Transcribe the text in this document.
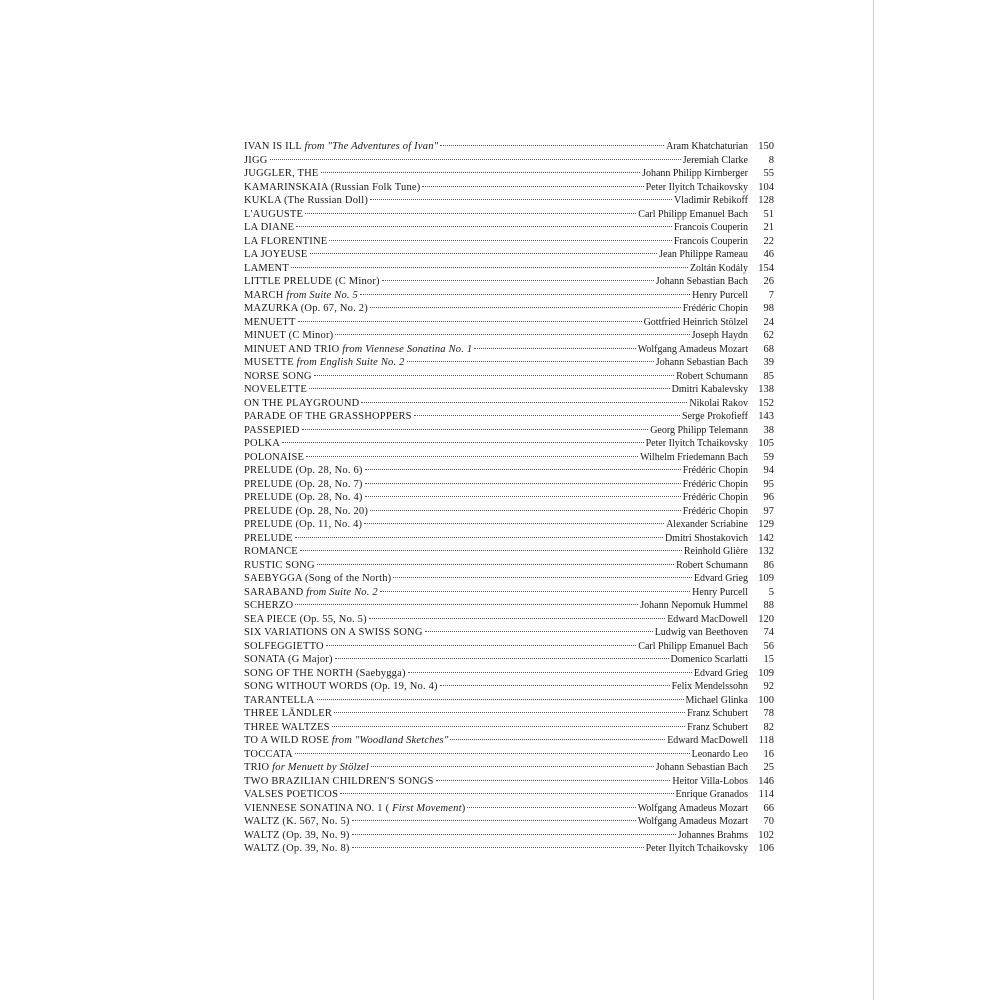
IVAN IS ILL from "The Adventures of Ivan"	Aram Khatchaturian 150
JIGG	Jeremiah Clarke	8
JUGGLER, THE	Johann Philipp Kirnberger	55
KAMARINSKAIA (Russian Folk Tune)	Peter Ilyitch Tchaikovsky 104
KUKLA (The Russian Doll)	Vladimir Rebikoff 128
L'AUGUSTE	Carl Philipp Emanuel Bach	51
LA DIANE	Francois Couperin	21
LA FLORENTINE	Francois Couperin	22
LA JOYEUSE	Jean Philippe Rameau	46
LAMENT	Zoltán Kodály 154
LITTLE PRELUDE (C Minor)	Johann Sebastian Bach	26
MARCH from Suite No. 5	Henry Purcell	7
MAZURKA (Op. 67, No. 2)	Frédéric Chopin	98
MENUETT	Gottfried Heinrich Stölzel	24
MINUET (C Minor)	Joseph Haydn	62
MINUET AND TRIO from Viennese Sonatina No. 1	Wolfgang Amadeus Mozart	68
MUSETTE from English Suite No. 2	Johann Sebastian Bach	39
NORSE SONG	Robert Schumann	85
NOVELETTE	Dmitri Kabalevsky 138
ON THE PLAYGROUND	Nikolai Rakov 152
PARADE OF THE GRASSHOPPERS	Serge Prokofieff 143
PASSEPIED	Georg Philipp Telemann	38
POLKA	Peter Ilyitch Tchaikovsky 105
POLONAISE	Wilhelm Friedemann Bach	59
PRELUDE (Op. 28, No. 6)	Frédéric Chopin	94
PRELUDE (Op. 28, No. 7)	Frédéric Chopin	95
PRELUDE (Op. 28, No. 4)	Frédéric Chopin	96
PRELUDE (Op. 28, No. 20)	Frédéric Chopin	97
PRELUDE (Op. 11, No. 4)	Alexander Scriabine 129
PRELUDE	Dmitri Shostakovich 142
ROMANCE	Reinhold Glière 132
RUSTIC SONG	Robert Schumann	86
SAEBYGGA (Song of the North)	Edvard Grieg 109
SARABAND from Suite No. 2	Henry Purcell	5
SCHERZO	Johann Nepomuk Hummel	88
SEA PIECE (Op. 55, No. 5)	Edward MacDowell 120
SIX VARIATIONS ON A SWISS SONG	Ludwig van Beethoven	74
SOLFEGGIETTO	Carl Philipp Emanuel Bach	56
SONATA (G Major)	Domenico Scarlatti	15
SONG OF THE NORTH (Saebygga)	Edvard Grieg 109
SONG WITHOUT WORDS (Op. 19, No. 4)	Felix Mendelssohn	92
TARANTELLA	Michael Glinka 100
THREE LÄNDLER	Franz Schubert	78
THREE WALTZES	Franz Schubert	82
TO A WILD ROSE from "Woodland Sketches"	Edward MacDowell	118
TOCCATA	Leonardo Leo	16
TRIO for Menuett by Stölzel	Johann Sebastian Bach	25
TWO BRAZILIAN CHILDREN'S SONGS	Heitor Villa-Lobos 146
VALSES POETICOS	Enrique Granados	114
VIENNESE SONATINA NO. 1 ( First Movement)	Wolfgang Amadeus Mozart	66
WALTZ (K. 567, No. 5)	Wolfgang Amadeus Mozart	70
WALTZ (Op. 39, No. 9)	Johannes Brahms 102
WALTZ (Op. 39, No. 8)	Peter Ilyitch Tchaikovsky 106
